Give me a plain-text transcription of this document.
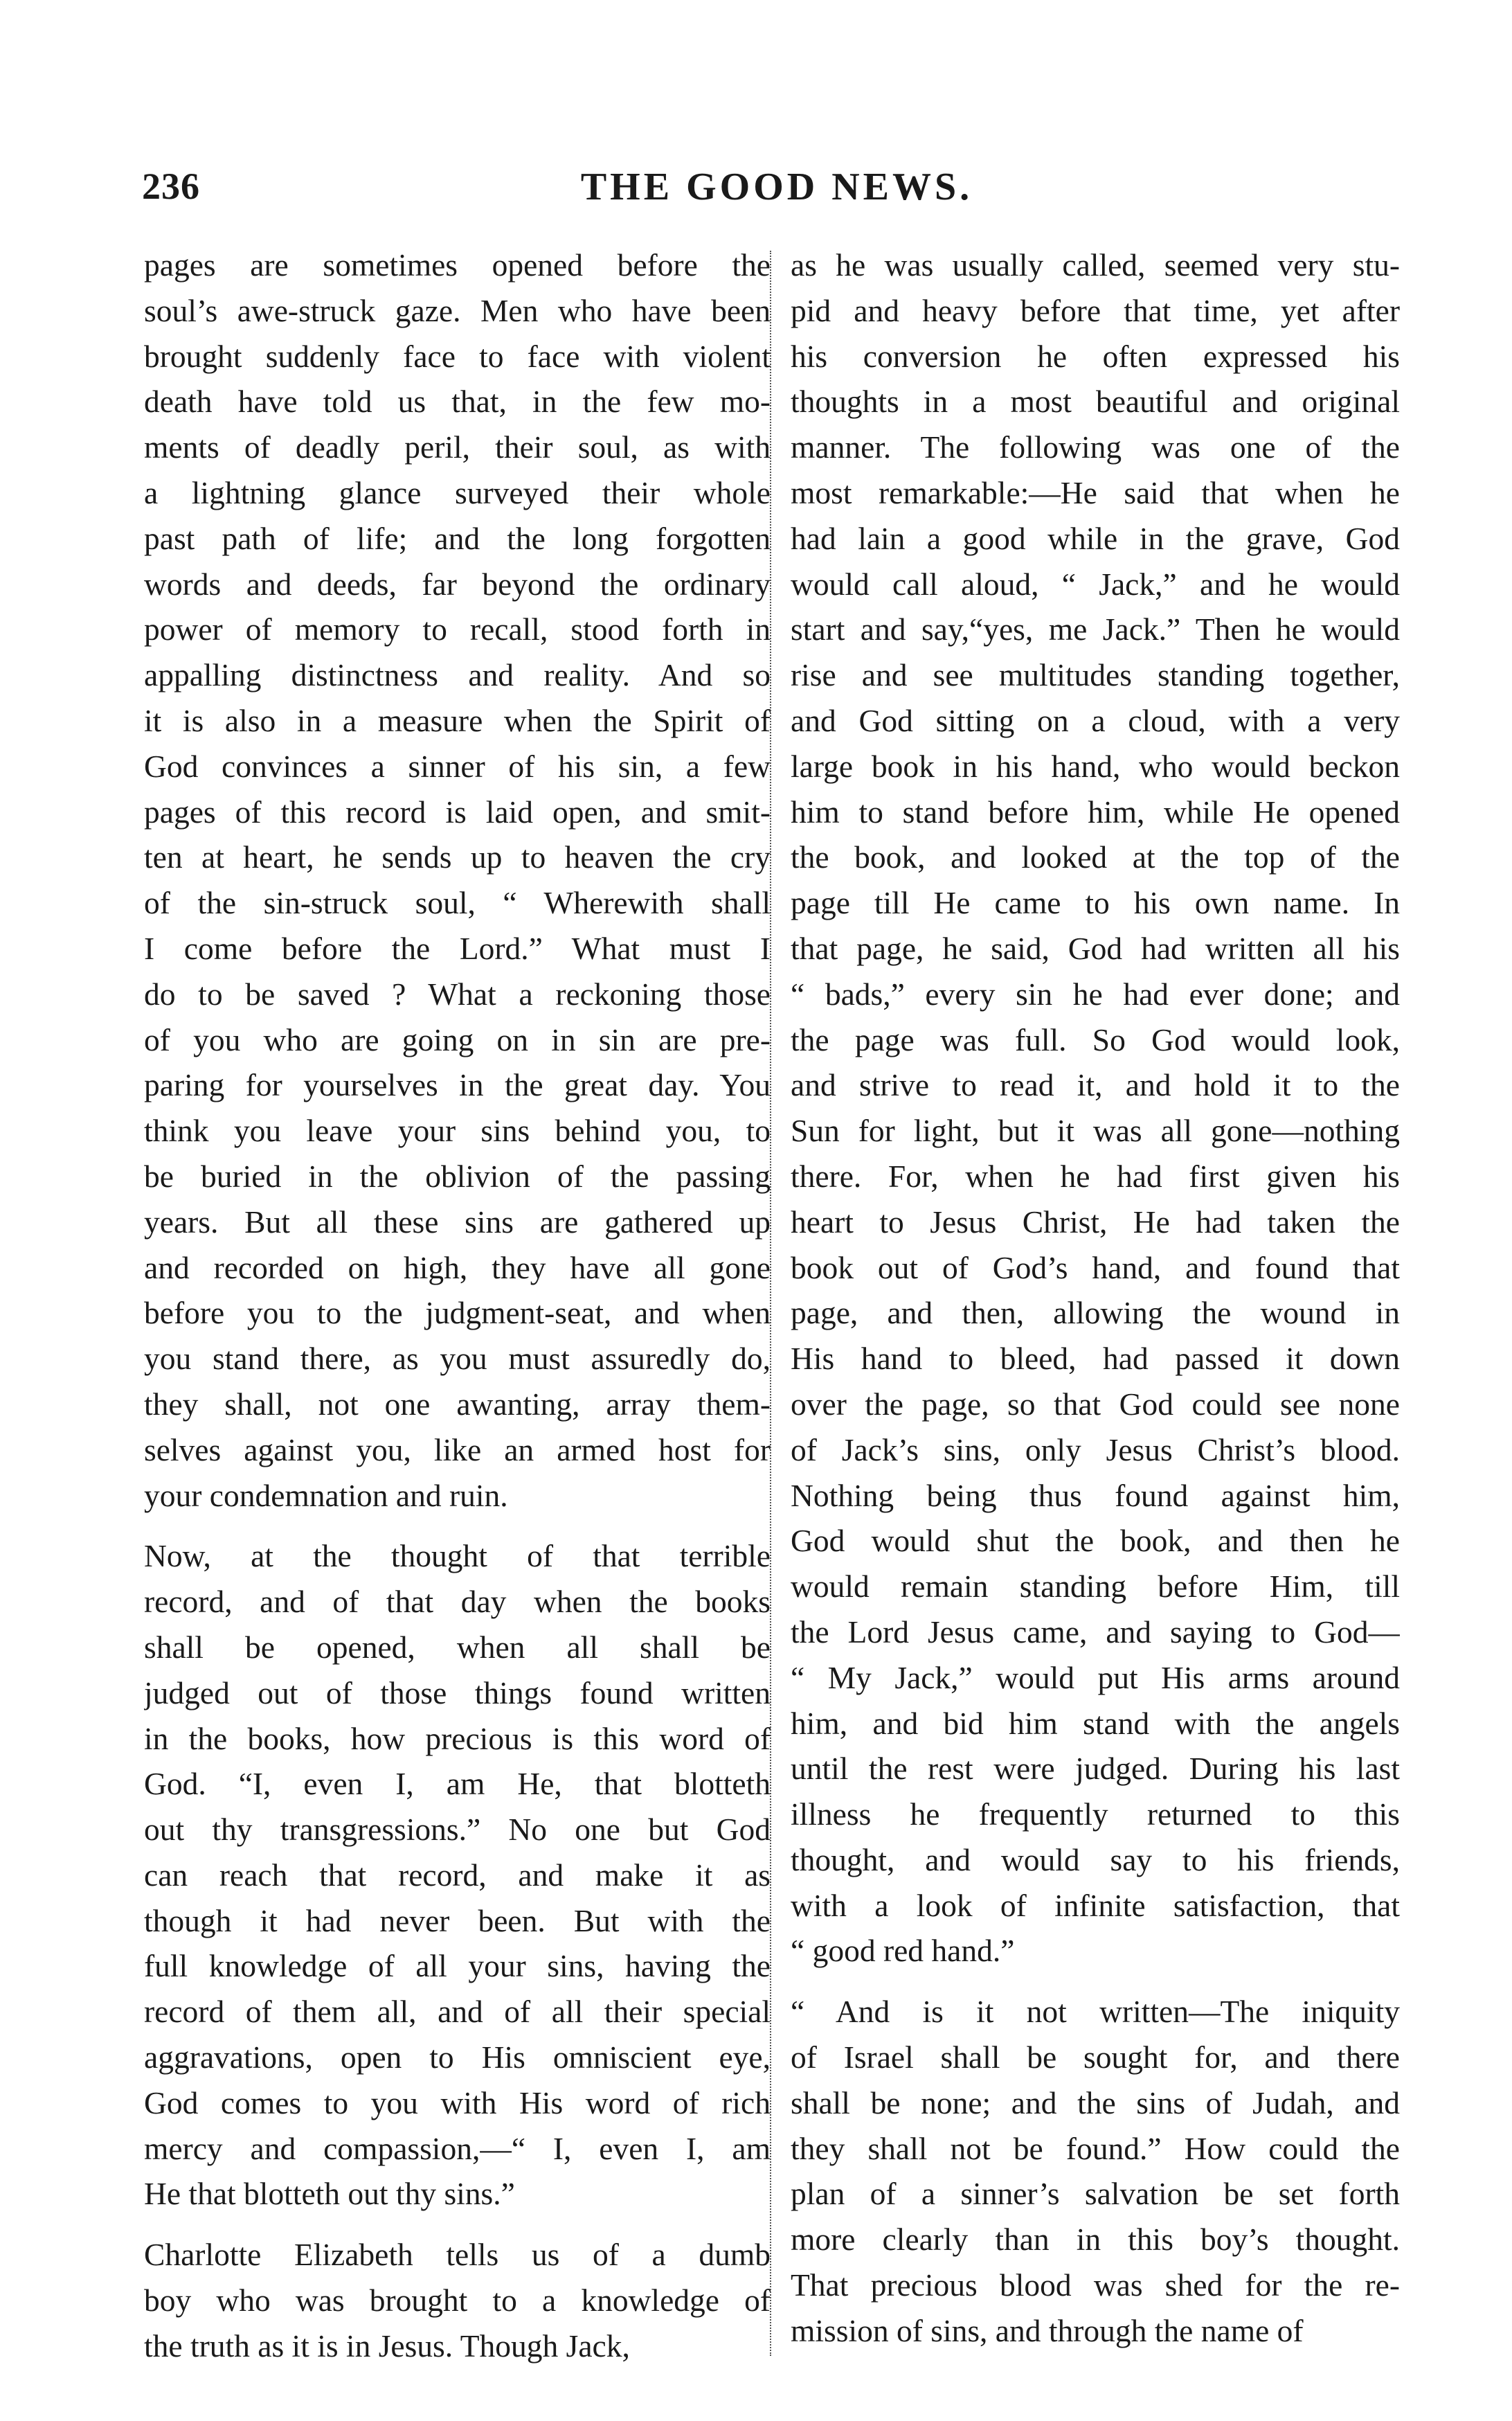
236	THE GOOD NEWS.
pages are sometimes opened before the
soul’s awe-struck gaze. Men who have been
brought suddenly face to face with violent
death have told us that, in the few mo-
ments of deadly peril, their soul, as with
a lightning glance surveyed their whole
past path of life; and the long forgotten
words and deeds, far beyond the ordinary
power of memory to recall, stood forth in
appalling distinctness and reality. And so
it is also in a measure when the Spirit of
God convinces a sinner of his sin, a few
pages of this record is laid open, and smit-
ten at heart, he sends up to heaven the cry
of the sin-struck soul, “ Wherewith shall
I come before the Lord.” What must I
do to be saved ? What a reckoning those
of you who are going on in sin are pre-
paring for yourselves in the great day. You
think you leave your sins behind you, to
be buried in the oblivion of the passing
years. But all these sins are gathered up
and recorded on high, they have all gone
before you to the judgment-seat, and when
you stand there, as you must assuredly do,
they shall, not one awanting, array them-
selves against you, like an armed host for
your condemnation and ruin.
Now, at the thought of that terrible
record, and of that day when the books
shall be opened, when all shall be
judged out of those things found written
in the books, how precious is this word of
God. “I, even I, am He, that blotteth
out thy transgressions.” No one but God
can reach that record, and make it as
though it had never been. But with the
full knowledge of all your sins, having the
record of them all, and of all their special
aggravations, open to His omniscient eye,
God comes to you with His word of rich
mercy and compassion,—“ I, even I, am
He that blotteth out thy sins.”
Charlotte Elizabeth tells us of a dumb
boy who was brought to a knowledge of
the truth as it is in Jesus. Though Jack,
as he was usually called, seemed very stu-
pid and heavy before that time, yet after
his conversion he often expressed his
thoughts in a most beautiful and original
manner. The following was one of the
most remarkable:—He said that when he
had lain a good while in the grave, God
would call aloud, “ Jack,” and he would
start and say,“yes, me Jack.” Then he would
rise and see multitudes standing together,
and God sitting on a cloud, with a very
large book in his hand, who would beckon
him to stand before him, while He opened
the book, and looked at the top of the
page till He came to his own name. In
that page, he said, God had written all his
“ bads,” every sin he had ever done; and
the page was full. So God would look,
and strive to read it, and hold it to the
Sun for light, but it was all gone—nothing
there. For, when he had first given his
heart to Jesus Christ, He had taken the
book out of God’s hand, and found that
page, and then, allowing the wound in
His hand to bleed, had passed it down
over the page, so that God could see none
of Jack’s sins, only Jesus Christ’s blood.
Nothing being thus found against him,
God would shut the book, and then he
would remain standing before Him, till
the Lord Jesus came, and saying to God—
“ My Jack,” would put His arms around
him, and bid him stand with the angels
until the rest were judged. During his last
illness he frequently returned to this
thought, and would say to his friends,
with a look of infinite satisfaction, that
“ good red hand.”
“ And is it not written—The iniquity
of Israel shall be sought for, and there
shall be none; and the sins of Judah, and
they shall not be found.” How could the
plan of a sinner’s salvation be set forth
more clearly than in this boy’s thought.
That precious blood was shed for the re-
mission of sins, and through the name of
